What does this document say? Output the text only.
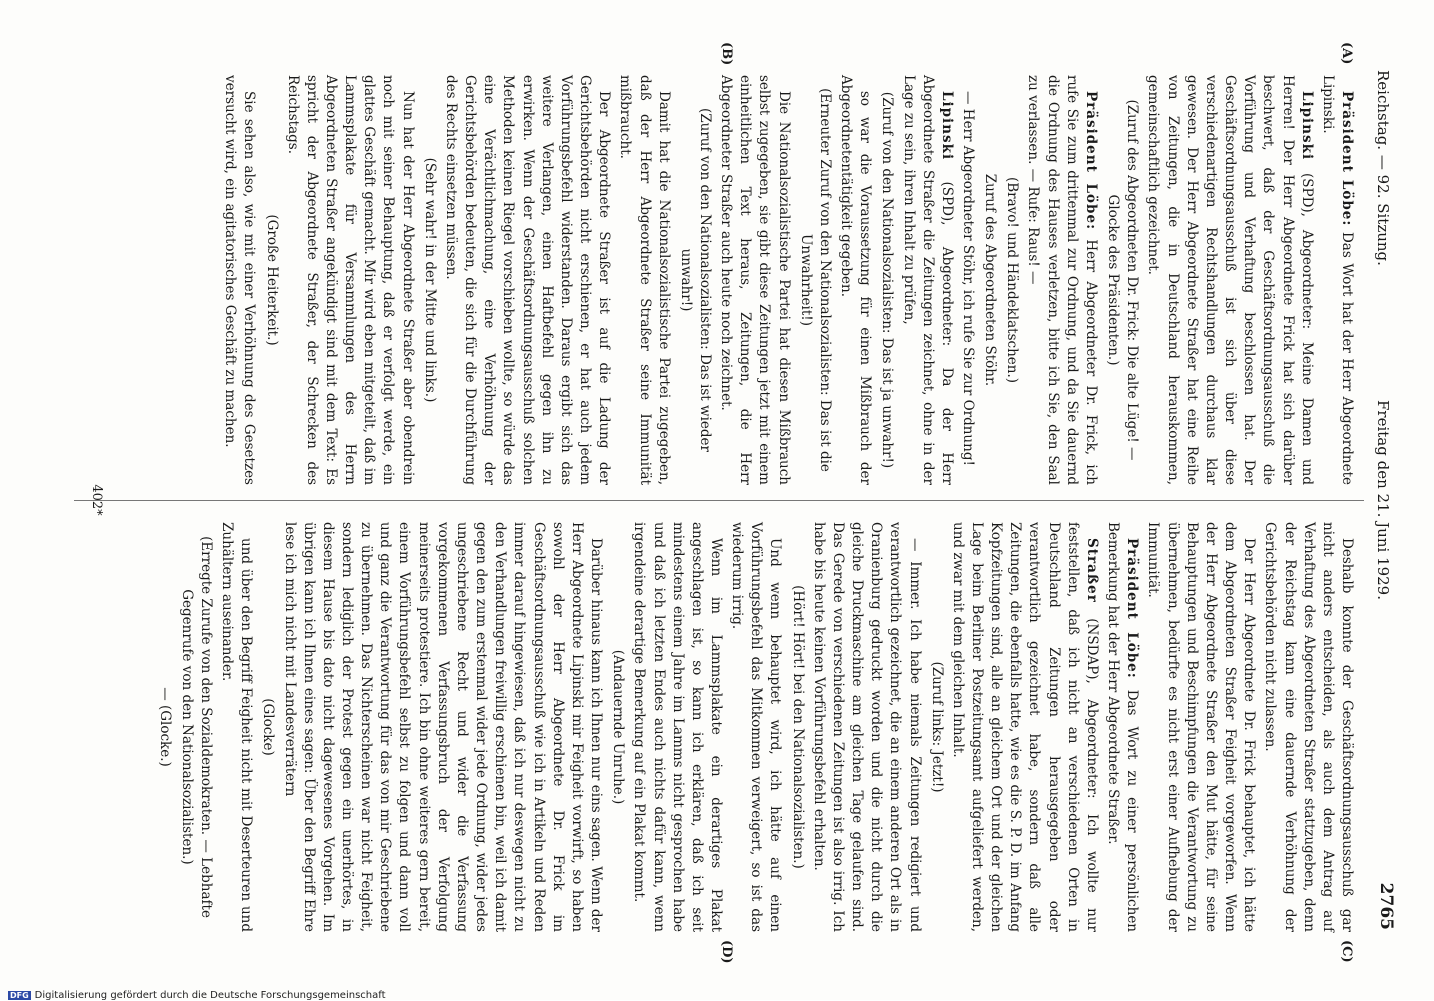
Reichstag. — 92. Sitzung.
Freitag den 21. Juni 1929.
2765
(A)
(B)
(C)
(D)

Präsident Löbe: Das Wort hat der Herr Abgeordnete Lipinski.

Lipinski (SPD), Abgeordneter: Meine Damen und Herren! Der Herr Abgeordnete Frick hat sich darüber beschwert, daß der Geschäftsordnungsausschuß die Vorführung und Verhaftung beschlossen hat. Der Geschäftsordnungsausschuß ist sich über diese verschiedenartigen Rechtshandlungen durchaus klar gewesen. Der Herr Abgeordnete Straßer hat eine Reihe von Zeitungen, die in Deutschland herauskommen, gemeinschaftlich gezeichnet.

(Zuruf des Abgeordneten Dr. Frick: Die alte Lüge! — Glocke des Präsidenten.)

Präsident Löbe: Herr Abgeordneter Dr. Frick, ich rufe Sie zum drittenmal zur Ordnung, und da Sie dauernd die Ordnung des Hauses verletzen, bitte ich Sie, den Saal zu verlassen. — Rufe: Raus! —

(Bravo! und Händeklatschen.)

Zuruf des Abgeordneten Stöhr.

— Herr Abgeordneter Stöhr, ich rufe Sie zur Ordnung!

Lipinski (SPD), Abgeordneter: Da der Herr Abgeordnete Straßer die Zeitungen zeichnet, ohne in der Lage zu sein, ihren Inhalt zu prüfen,

(Zuruf von den Nationalsozialisten: Das ist ja unwahr!)

so war die Voraussetzung für einen Mißbrauch der Abgeordnetentätigkeit gegeben.

(Erneuter Zuruf von den Nationalsozialisten: Das ist die Unwahrheit!)

Die Nationalsozialistische Partei hat diesen Mißbrauch selbst zugegeben, sie gibt diese Zeitungen jetzt mit einem einheitlichen Text heraus, Zeitungen, die Herr Abgeordneter Straßer auch heute noch zeichnet.

(Zuruf von den Nationalsozialisten: Das ist wieder unwahr!)

Damit hat die Nationalsozialistische Partei zugegeben, daß der Herr Abgeordnete Straßer seine Immunität mißbraucht.

Der Abgeordnete Straßer ist auf die Ladung der Gerichtsbehörden nicht erschienen, er hat auch jedem Vorführungsbefehl widerstanden. Daraus ergibt sich das weitere Verlangen, einen Haftbefehl gegen ihn zu erwirken. Wenn der Geschäftsordnungsausschuß solchen Methoden keinen Riegel vorschieben wollte, so würde das eine Verächtlichmachung, eine Verhöhnung der Gerichtsbehörden bedeuten, die sich für die Durchführung des Rechts einsetzen müssen.

(Sehr wahr! in der Mitte und links.)

Nun hat der Herr Abgeordnete Straßer aber obendrein noch mit seiner Behauptung, daß er verfolgt werde, ein glattes Geschäft gemacht. Mir wird eben mitgeteilt, daß im Lammsplakate für Versammlungen des Herrn Abgeordneten Straßer angekündigt sind mit dem Text: Es spricht der Abgeordnete Straßer, der Schrecken des Reichstags.

(Große Heiterkeit.)

Sie sehen also, wie mit einer Verhöhnung des Gesetzes versucht wird, ein agitatorisches Geschäft zu machen.

Deshalb konnte der Geschäftsordnungsausschuß gar nicht anders entscheiden, als auch dem Antrag auf Verhaftung des Abgeordneten Straßer stattzugeben, denn der Reichstag kann eine dauernde Verhöhnung der Gerichtsbehörden nicht zulassen.

Der Herr Abgeordnete Dr. Frick behauptet, ich hätte dem Abgeordneten Straßer Feigheit vorgeworfen. Wenn der Herr Abgeordnete Straßer den Mut hätte, für seine Behauptungen und Beschimpfungen die Verantwortung zu übernehmen, bedürfte es nicht erst einer Aufhebung der Immunität.

Präsident Löbe: Das Wort zu einer persönlichen Bemerkung hat der Herr Abgeordnete Straßer.

Straßer (NSDAP), Abgeordneter: Ich wollte nur feststellen, daß ich nicht an verschiedenen Orten in Deutschland Zeitungen herausgegeben oder verantwortlich gezeichnet habe, sondern daß alle Zeitungen, die ebenfalls hatte, wie es die S. P. D. im Anfang Kopfzeitungen sind, alle an gleichem Ort und der gleichen Lage beim Berliner Postzeitungsamt aufgeliefert werden, und zwar mit dem gleichen Inhalt.

(Zuruf links: Jetzt!)

— Immer. Ich habe niemals Zeitungen redigiert und verantwortlich gezeichnet, die an einem anderen Ort als in Oranienburg gedruckt worden und die nicht durch die gleiche Druckmaschine am gleichen Tage gelaufen sind. Das Gerede von verschiedenen Zeitungen ist also irrig. Ich habe bis heute keinen Vorführungsbefehl erhalten.

(Hört! Hört! bei den Nationalsozialisten.)

Und wenn behauptet wird, ich hätte auf einen Vorführungsbefehl das Mitkommen verweigert, so ist das wiederum irrig.

Wenn im Lammsplakate ein derartiges Plakat angeschlagen ist, so kann ich erklären, daß ich seit mindestens einem Jahre im Lamms nicht gesprochen habe und daß ich letzten Endes auch nichts dafür kann, wenn irgendeine derartige Bemerkung auf ein Plakat kommt.

(Andauernde Unruhe.)

Darüber hinaus kann ich Ihnen nur eins sagen. Wenn der Herr Abgeordnete Lipinski mir Feigheit vorwirft, so haben sowohl der Herr Abgeordnete Dr. Frick im Geschäftsordnungsausschuß wie ich in Artikeln und Reden immer darauf hingewiesen, daß ich nur deswegen nicht zu den Verhandlungen freiwillig erschienen bin, weil ich damit gegen den zum erstenmal wider jede Ordnung, wider jedes ungeschriebene Recht und wider die Verfassung vorgekommenen Verfassungsbruch der Verfolgung meinerseits protestiere. Ich bin ohne weiteres gern bereit, einem Vorführungsbefehl selbst zu folgen und dann voll und ganz die Verantwortung für das von mir Geschriebene zu übernehmen. Das Nichterscheinen war nicht Feigheit, sondern lediglich der Protest gegen ein unerhörtes, in diesem Hause bis dato nicht dagewesenes Vorgehen. Im übrigen kann ich Ihnen eines sagen: Über den Begriff Ehre lese ich mich nicht mit Landesverrätern

(Glocke)

und über den Begriff Feigheit nicht mit Deserteuren und Zuhältern auseinander.

(Erregte Zurufe von den Sozialdemokraten. — Lebhafte Gegenrufe von den Nationalsozialisten.)

— (Glocke.)

402*
DFG Digitalisierung gefördert durch die Deutsche Forschungsgemeinschaft
